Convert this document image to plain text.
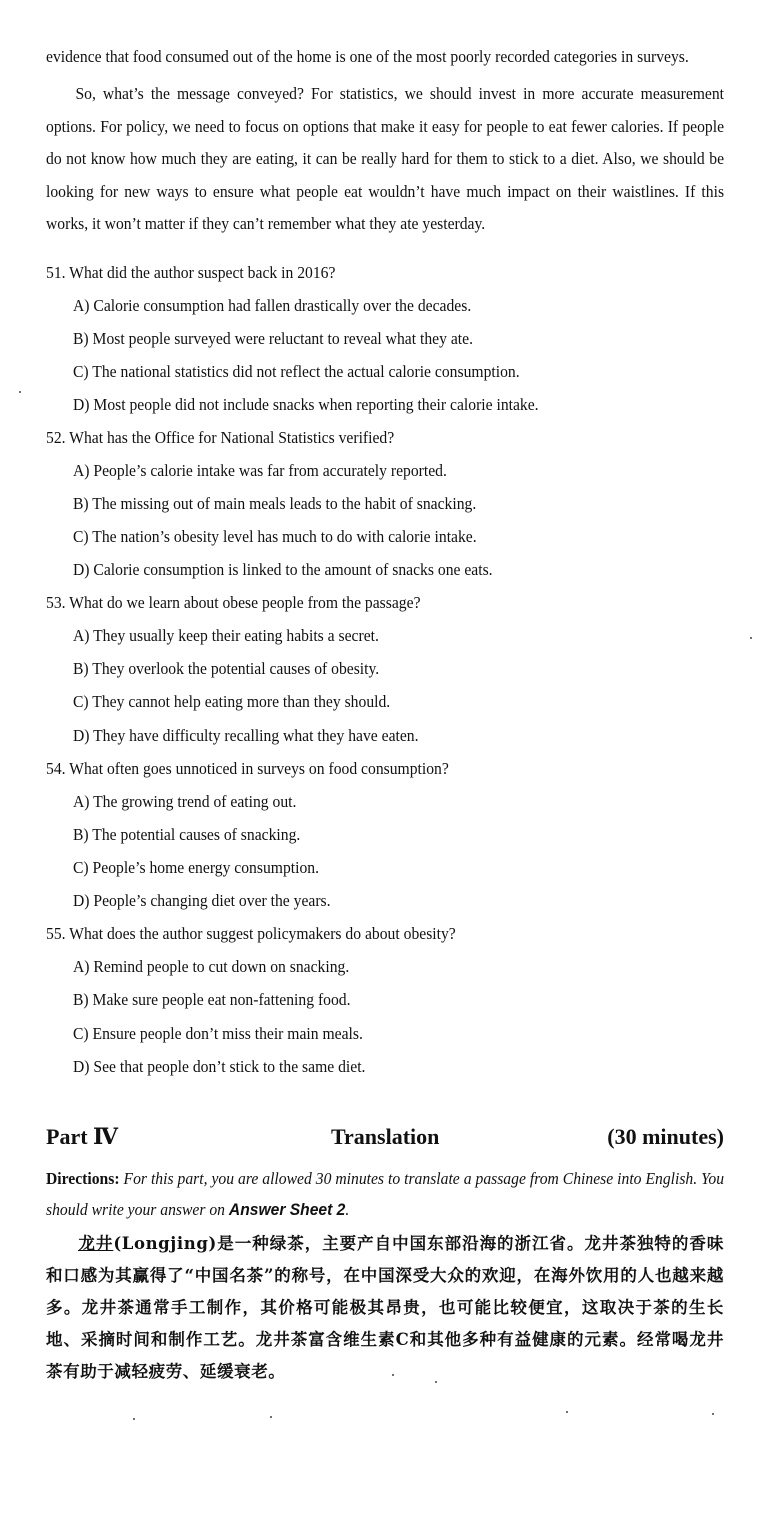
evidence that food consumed out of the home is one of the most poorly recorded categories in surveys.
So, what’s the message conveyed? For statistics, we should invest in more accurate measurement options. For policy, we need to focus on options that make it easy for people to eat fewer calories. If people do not know how much they are eating, it can be really hard for them to stick to a diet. Also, we should be looking for new ways to ensure what people eat wouldn’t have much impact on their waistlines. If this works, it won’t matter if they can’t remember what they ate yesterday.
51. What did the author suspect back in 2016?
A) Calorie consumption had fallen drastically over the decades.
B) Most people surveyed were reluctant to reveal what they ate.
C) The national statistics did not reflect the actual calorie consumption.
D) Most people did not include snacks when reporting their calorie intake.
52. What has the Office for National Statistics verified?
A) People’s calorie intake was far from accurately reported.
B) The missing out of main meals leads to the habit of snacking.
C) The nation’s obesity level has much to do with calorie intake.
D) Calorie consumption is linked to the amount of snacks one eats.
53. What do we learn about obese people from the passage?
A) They usually keep their eating habits a secret.
B) They overlook the potential causes of obesity.
C) They cannot help eating more than they should.
D) They have difficulty recalling what they have eaten.
54. What often goes unnoticed in surveys on food consumption?
A) The growing trend of eating out.
B) The potential causes of snacking.
C) People’s home energy consumption.
D) People’s changing diet over the years.
55. What does the author suggest policymakers do about obesity?
A) Remind people to cut down on snacking.
B) Make sure people eat non-fattening food.
C) Ensure people don’t miss their main meals.
D) See that people don’t stick to the same diet.
Part Ⅳ	Translation	(30 minutes)
Directions: For this part, you are allowed 30 minutes to translate a passage from Chinese into English. You should write your answer on Answer Sheet 2.
龙井(Longjing)是一种绿茶，主要产自中国东部沿海的浙江省。龙井茶独特的香味和口感为其赢得了“中国名茶”的称号，在中国深受大众的欢迎，在海外饮用的人也越来越多。龙井茶通常手工制作，其价格可能极其昂贵，也可能比较便宜，这取决于茶的生长地、采摘时间和制作工艺。龙井茶富含维生素C和其他多种有益健康的元素。经常喝龙井茶有助于减轻疲劳、延缓衰老。
